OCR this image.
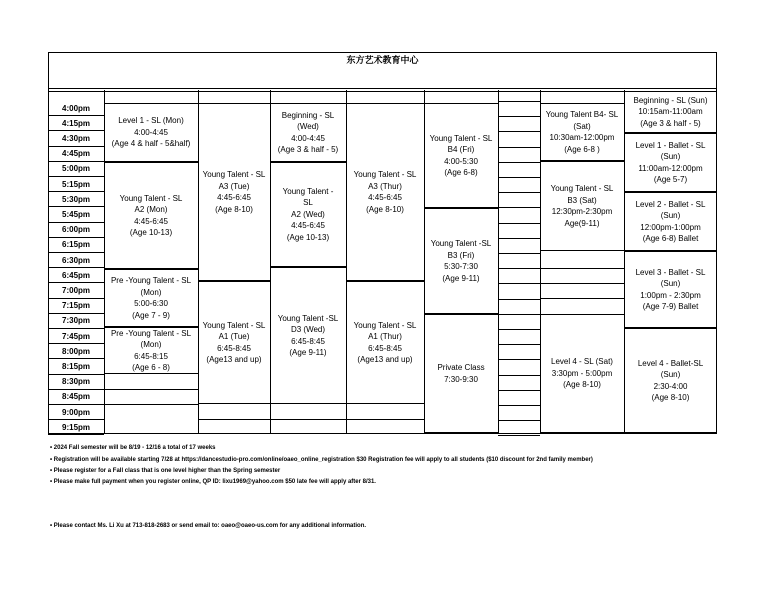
东方艺术教育中心
4:00pm
4:15pm
4:30pm
4:45pm
5:00pm
5:15pm
5:30pm
5:45pm
6:00pm
6:15pm
6:30pm
6:45pm
7:00pm
7:15pm
7:30pm
7:45pm
8:00pm
8:15pm
8:30pm
8:45pm
9:00pm
9:15pm
Level 1 - SL (Mon)
4:00-4:45
(Age 4 & half - 5&half)
Young Talent - SL
A2 (Mon)
4:45-6:45
(Age 10-13)
Pre -Young Talent - SL
(Mon)
5:00-6:30
(Age 7 - 9)
Pre -Young Talent - SL
(Mon)
6:45-8:15
(Age 6 - 8)
Young Talent - SL
A3 (Tue)
4:45-6:45
(Age 8-10)
Young Talent - SL
A1 (Tue)
6:45-8:45
(Age13 and up)
Beginning - SL
(Wed)
4:00-4:45
(Age 3 & half - 5)
Young Talent -
SL
A2 (Wed)
4:45-6:45
(Age 10-13)
Young Talent -SL
D3 (Wed)
6:45-8:45
(Age 9-11)
Young Talent - SL
A3 (Thur)
4:45-6:45
(Age 8-10)
Young Talent - SL
A1 (Thur)
6:45-8:45
(Age13 and up)
Young Talent - SL
B4 (Fri)
4:00-5:30
(Age 6-8)
Young Talent -SL
B3 (Fri)
5:30-7:30
(Age 9-11)
Private Class
7:30-9:30
Young Talent B4- SL
(Sat)
10:30am-12:00pm
(Age 6-8 )
Young Talent - SL
B3 (Sat)
12:30pm-2:30pm
Age(9-11)
Level 4 - SL (Sat)
3:30pm - 5:00pm
(Age 8-10)
Beginning - SL (Sun)
10:15am-11:00am
(Age 3 & half - 5)
Level 1 - Ballet - SL
(Sun)
11:00am-12:00pm
(Age 5-7)
Level 2 - Ballet - SL
(Sun)
12:00pm-1:00pm
(Age 6-8) Ballet
Level 3 - Ballet - SL
(Sun)
1:00pm - 2:30pm
(Age 7-9) Ballet
Level 4 - Ballet-SL
(Sun)
2:30-4:00
(Age 8-10)
• 2024 Fall semester will be 8/19 - 12/16 a total of 17 weeks
• Registration will be available starting 7/28 at https://dancestudio-pro.com/online/oaeo_online_registration $30 Registration fee will apply to all students ($10 discount for 2nd family member)
• Please register for a Fall class that is one level higher than the Spring semester
• Please make full payment when you register online, QP ID: lixu1969@yahoo.com $50 late fee will apply after 8/31.
• Please contact Ms. Li Xu at 713-818-2683 or send email to: oaeo@oaeo-us.com for any additional information.
